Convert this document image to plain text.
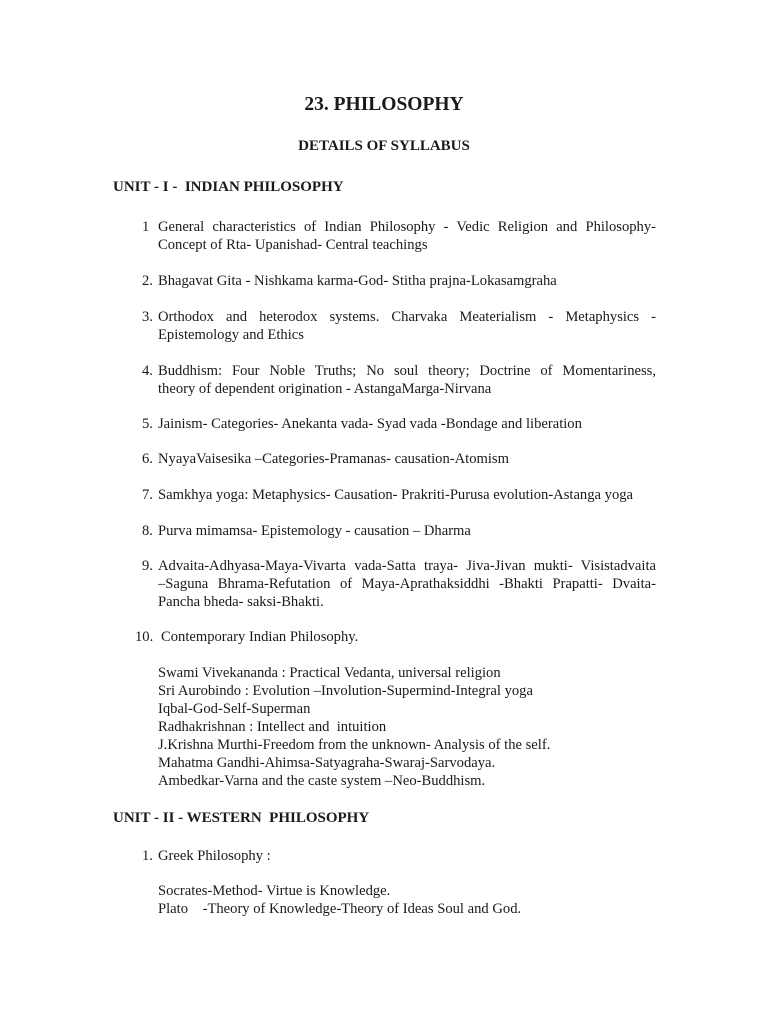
23. PHILOSOPHY
DETAILS OF SYLLABUS
UNIT - I -  INDIAN PHILOSOPHY
1 General characteristics of Indian Philosophy - Vedic Religion and Philosophy-
Concept of Rta- Upanishad- Central teachings
2. Bhagavat Gita - Nishkama karma-God- Stitha prajna-Lokasamgraha
3. Orthodox and heterodox systems. Charvaka Meaterialism - Metaphysics -
Epistemology and Ethics
4. Buddhism: Four Noble Truths; No soul theory; Doctrine of Momentariness,
theory of dependent origination - AstangaMarga-Nirvana
5. Jainism- Categories- Anekanta vada- Syad vada -Bondage and liberation
6. NyayaVaisesika –Categories-Pramanas- causation-Atomism
7. Samkhya yoga: Metaphysics- Causation- Prakriti-Purusa evolution-Astanga yoga
8. Purva mimamsa- Epistemology - causation – Dharma
9. Advaita-Adhyasa-Maya-Vivarta vada-Satta traya- Jiva-Jivan mukti- Visistadvaita
–Saguna Bhrama-Refutation of Maya-Aprathaksiddhi -Bhakti Prapatti- Dvaita-
Pancha bheda- saksi-Bhakti.
10. Contemporary Indian Philosophy.
Swami Vivekananda : Practical Vedanta, universal religion
Sri Aurobindo : Evolution –Involution-Supermind-Integral yoga
Iqbal-God-Self-Superman
Radhakrishnan : Intellect and  intuition
J.Krishna Murthi-Freedom from the unknown- Analysis of the self.
Mahatma Gandhi-Ahimsa-Satyagraha-Swaraj-Sarvodaya.
Ambedkar-Varna and the caste system –Neo-Buddhism.
UNIT - II - WESTERN  PHILOSOPHY
1. Greek Philosophy :
Socrates-Method- Virtue is Knowledge.
Plato    -Theory of Knowledge-Theory of Ideas Soul and God.
